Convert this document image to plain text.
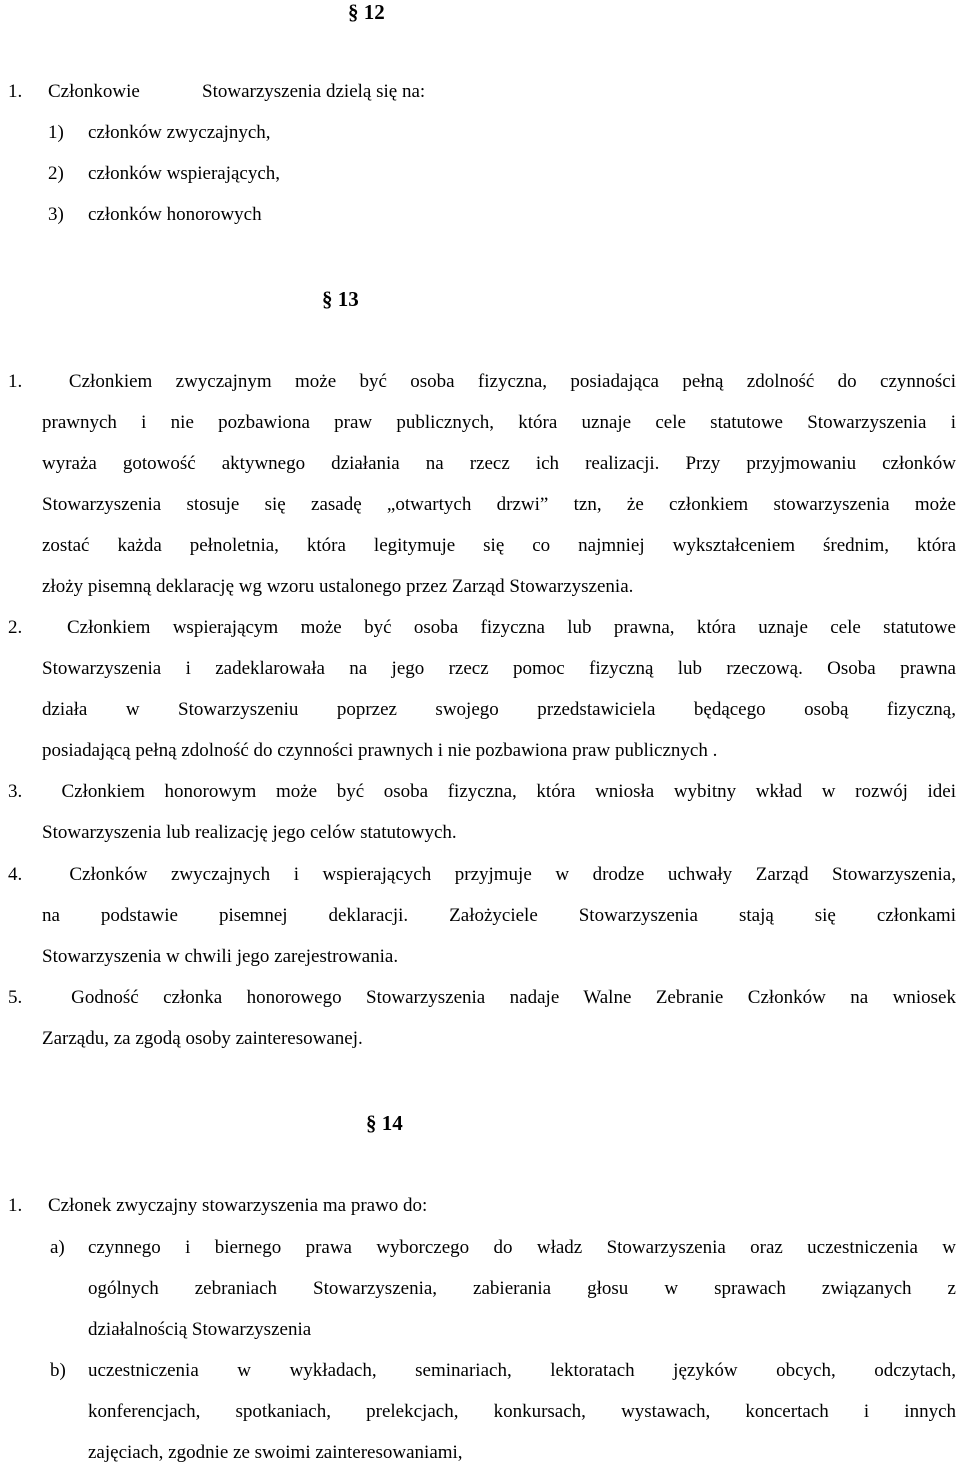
§ 12
1. Członkowie	Stowarzyszenia dzielą się na:
1) członków zwyczajnych,
2) członków wspierających,
3) członków honorowych
§ 13
1.  Członkiem zwyczajnym może być osoba fizyczna, posiadająca pełną zdolność do czynności
prawnych i nie pozbawiona praw publicznych, która uznaje cele statutowe Stowarzyszenia i
wyraża gotowość aktywnego działania na rzecz ich realizacji. Przy przyjmowaniu członków
Stowarzyszenia stosuje się zasadę „otwartych drzwi” tzn, że członkiem stowarzyszenia może
zostać każda pełnoletnia, która legitymuje się co najmniej wykształceniem średnim, która
złoży pisemną deklarację wg wzoru ustalonego przez Zarząd Stowarzyszenia.
2.  Członkiem wspierającym może być osoba fizyczna lub prawna, która uznaje cele statutowe
Stowarzyszenia i zadeklarowała na jego rzecz pomoc fizyczną lub rzeczową. Osoba prawna
działa w Stowarzyszeniu poprzez swojego przedstawiciela będącego osobą fizyczną,
posiadającą pełną zdolność do czynności prawnych i nie pozbawiona praw publicznych .
3.  Członkiem honorowym może być osoba fizyczna, która wniosła wybitny wkład w rozwój idei
Stowarzyszenia lub realizację jego celów statutowych.
4.  Członków zwyczajnych i wspierających przyjmuje w drodze uchwały Zarząd Stowarzyszenia,
na podstawie pisemnej deklaracji. Założyciele Stowarzyszenia stają się członkami
Stowarzyszenia w chwili jego zarejestrowania.
5.  Godność członka honorowego Stowarzyszenia nadaje Walne Zebranie Członków na wniosek
Zarządu, za zgodą osoby zainteresowanej.
§ 14
1. Członek zwyczajny stowarzyszenia ma prawo do:
a) czynnego i biernego prawa wyborczego do władz Stowarzyszenia oraz uczestniczenia w
ogólnych zebraniach Stowarzyszenia, zabierania głosu w sprawach związanych z
działalnością Stowarzyszenia
b) uczestniczenia w wykładach, seminariach, lektoratach języków obcych, odczytach,
konferencjach, spotkaniach, prelekcjach, konkursach, wystawach, koncertach i innych
zajęciach, zgodnie ze swoimi zainteresowaniami,
